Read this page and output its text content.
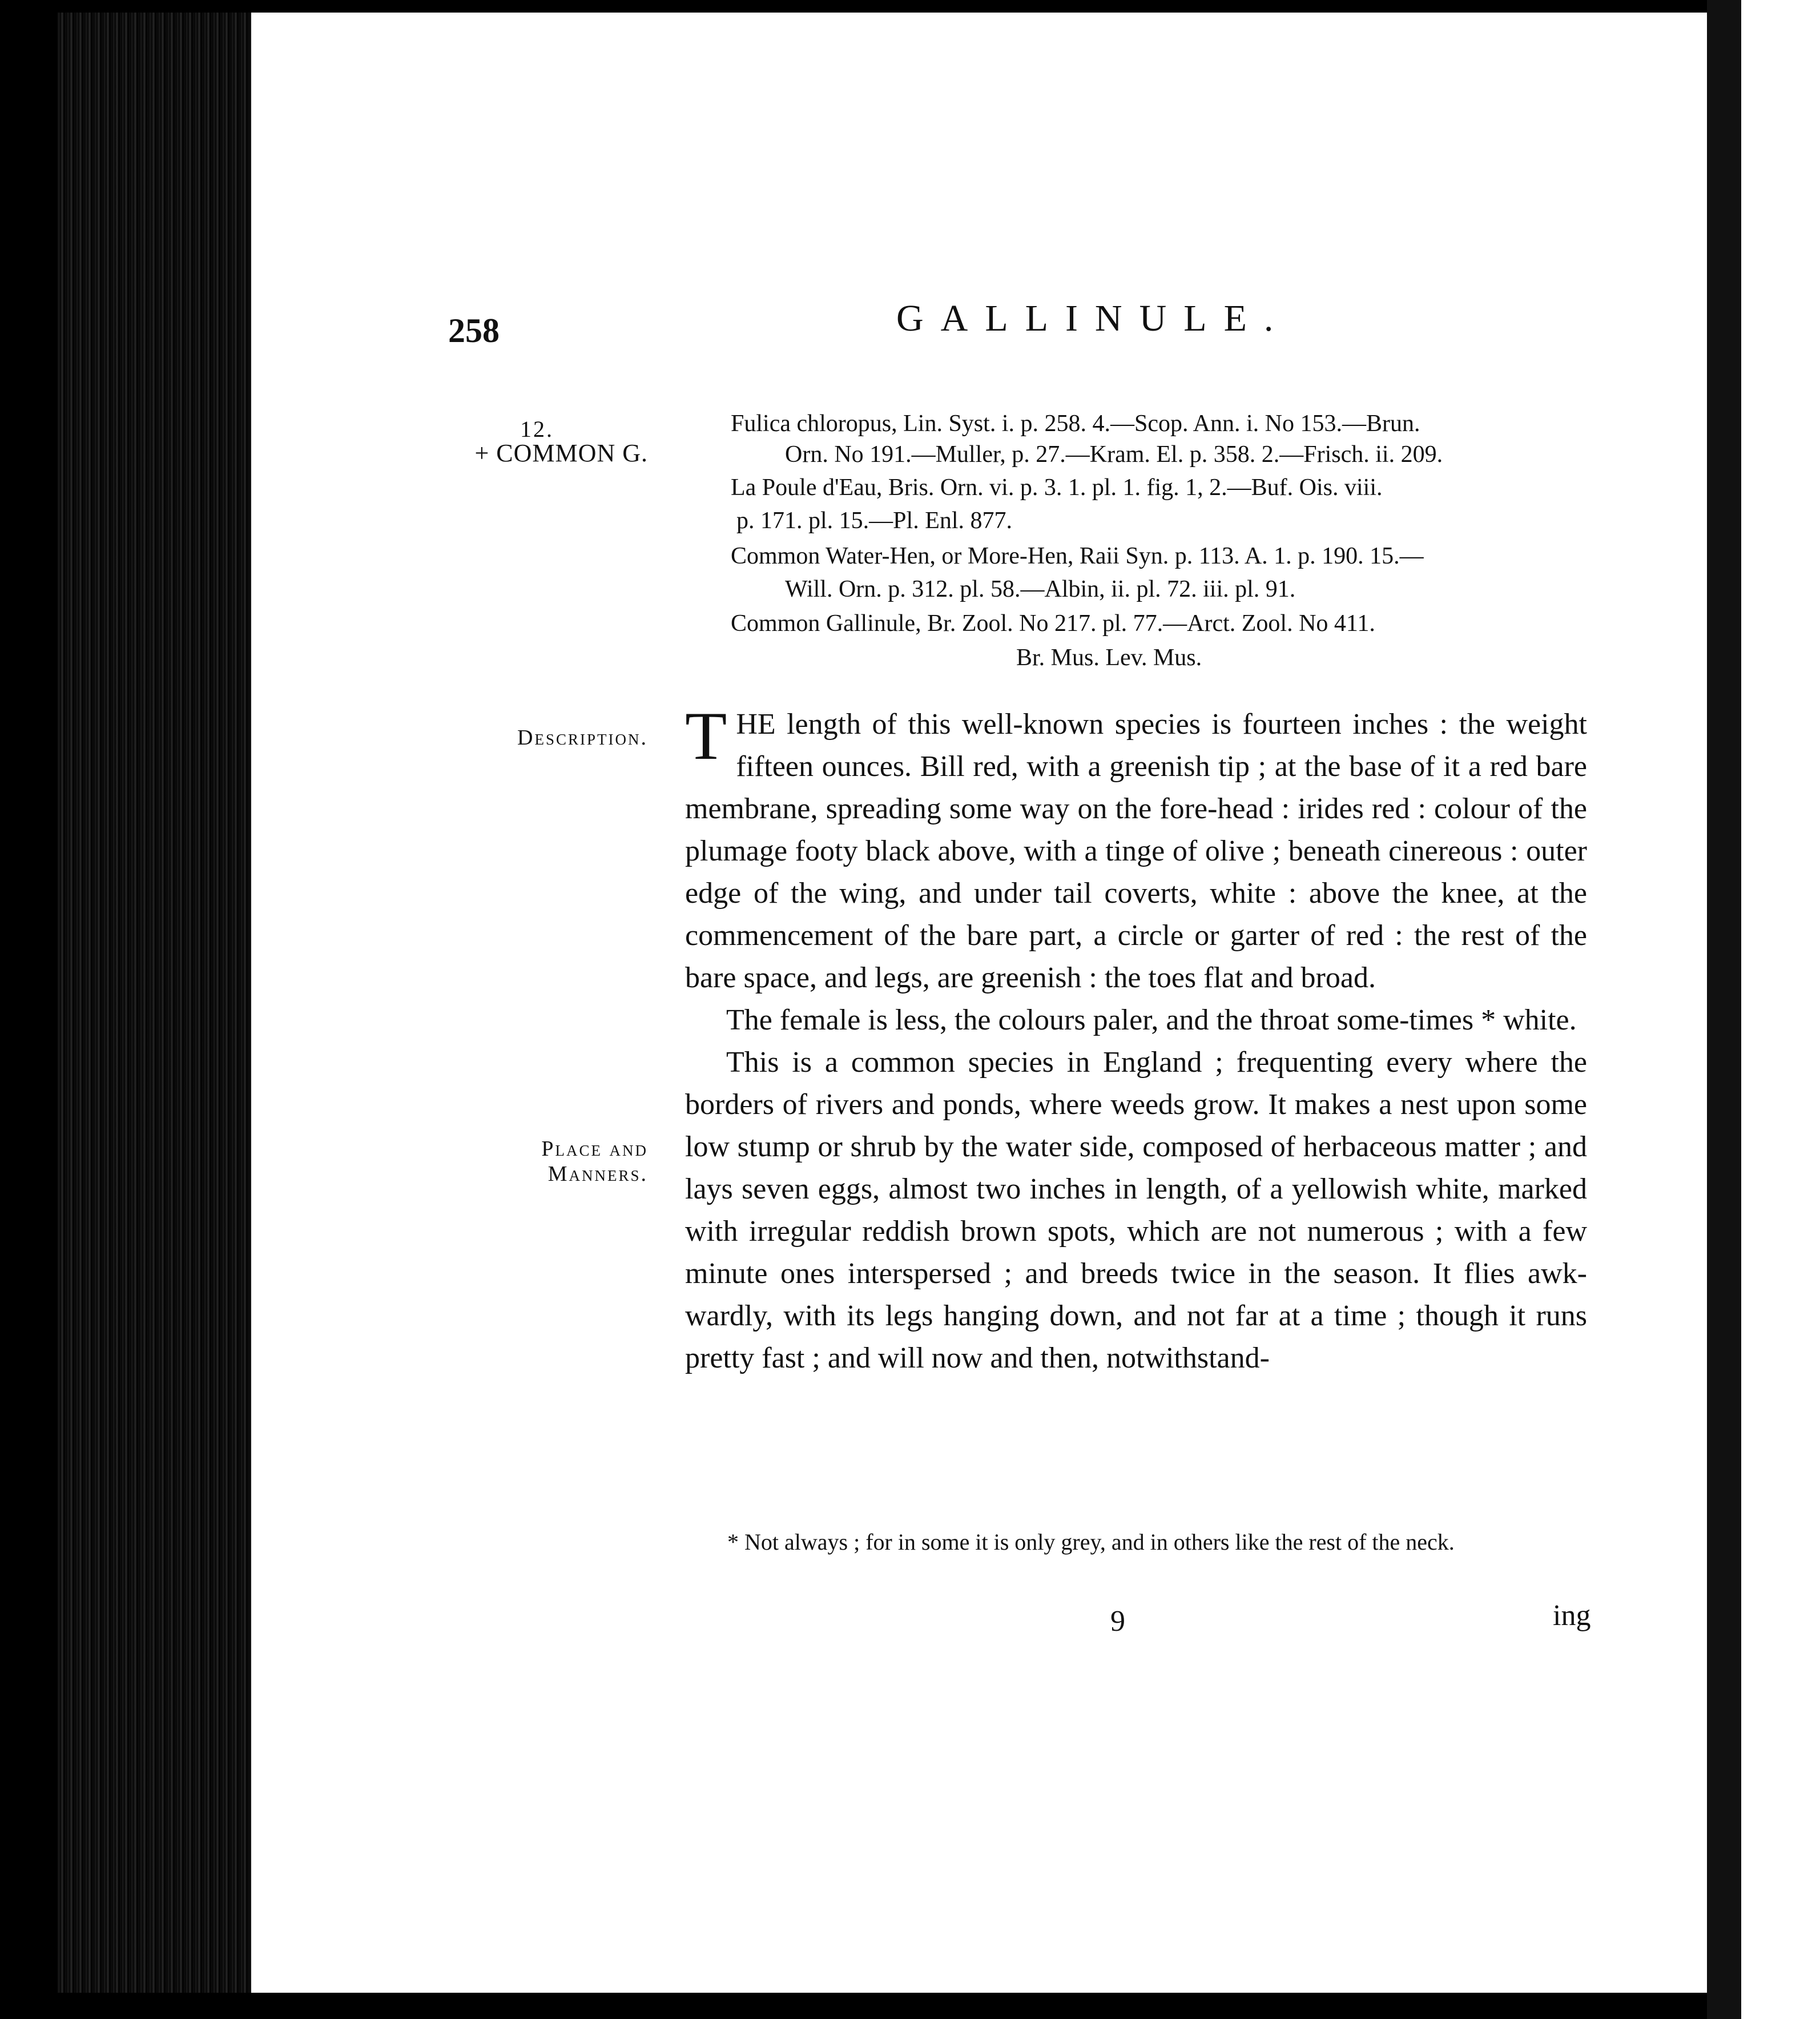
258	GALLINULE.
12.
+ COMMON G.
Description.
Place and
Manners.
Fulica chloropus, Lin. Syst. i. p. 258. 4.—Scop. Ann. i. No 153.—Brun.
Orn. No 191.—Muller, p. 27.—Kram. El. p. 358. 2.—Frisch. ii. 209.
La Poule d'Eau, Bris. Orn. vi. p. 3. 1. pl. 1. fig. 1, 2.—Buf. Ois. viii.
p. 171. pl. 15.—Pl. Enl. 877.
Common Water-Hen, or More-Hen, Raii Syn. p. 113. A. 1. p. 190. 15.—
Will. Orn. p. 312. pl. 58.—Albin, ii. pl. 72. iii. pl. 91.
Common Gallinule, Br. Zool. No 217. pl. 77.—Arct. Zool. No 411.
Br. Mus. Lev. Mus.

THE length of this well-known species is fourteen inches : the weight fifteen ounces. Bill red, with a greenish tip ; at the base of it a red bare membrane, spreading some way on the fore-head : irides red : colour of the plumage footy black above, with a tinge of olive ; beneath cinereous : outer edge of the wing, and under tail coverts, white : above the knee, at the commencement of the bare part, a circle or garter of red : the rest of the bare space, and legs, are greenish : the toes flat and broad.

The female is less, the colours paler, and the throat some-times * white.

This is a common species in England ; frequenting every where the borders of rivers and ponds, where weeds grow. It makes a nest upon some low stump or shrub by the water side, composed of herbaceous matter ; and lays seven eggs, almost two inches in length, of a yellowish white, marked with irregular reddish brown spots, which are not numerous ; with a few minute ones interspersed ; and breeds twice in the season. It flies awk-wardly, with its legs hanging down, and not far at a time ; though it runs pretty fast ; and will now and then, notwithstand-

* Not always ; for in some it is only grey, and in others like the rest of the neck.
9	ing
